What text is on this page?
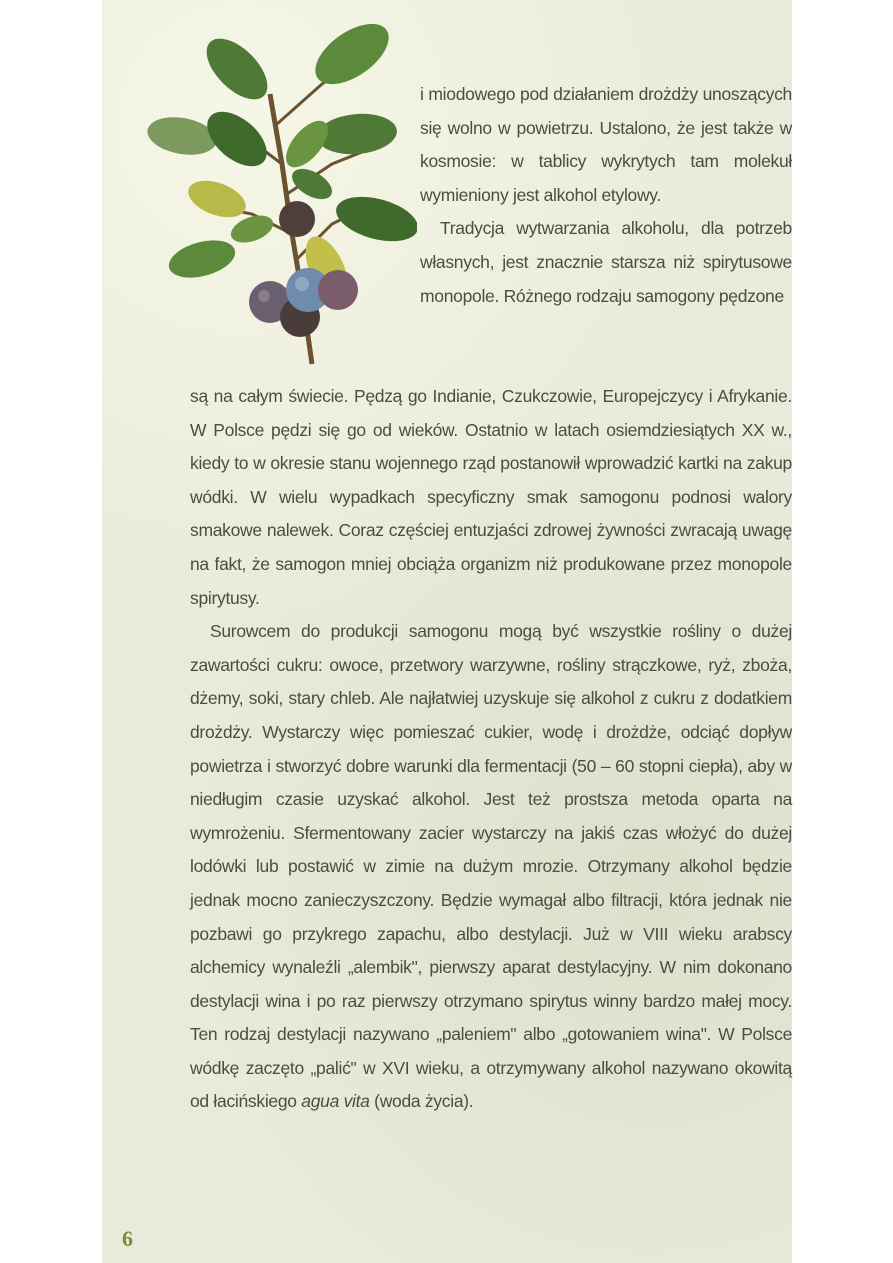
i miodowego pod działaniem drożdży unoszących się wolno w powietrzu. Ustalono, że jest także w kosmosie: w tablicy wykrytych tam molekuł wymieniony jest alkohol etylowy.

Tradycja wytwarzania alkoholu, dla potrzeb własnych, jest znacznie starsza niż spirytusowe monopole. Różnego rodzaju samogony pędzone

są na całym świecie. Pędzą go Indianie, Czukczowie, Europejczycy i Afrykanie. W Polsce pędzi się go od wieków. Ostatnio w latach osiemdziesiątych XX w., kiedy to w okresie stanu wojennego rząd postanowił wprowadzić kartki na zakup wódki. W wielu wypadkach specyficzny smak samogonu podnosi walory smakowe nalewek. Coraz częściej entuzjaści zdrowej żywności zwracają uwagę na fakt, że samogon mniej obciąża organizm niż produkowane przez monopole spirytusy.

Surowcem do produkcji samogonu mogą być wszystkie rośliny o dużej zawartości cukru: owoce, przetwory warzywne, rośliny strączkowe, ryż, zboża, dżemy, soki, stary chleb. Ale najłatwiej uzyskuje się alkohol z cukru z dodatkiem drożdży. Wystarczy więc pomieszać cukier, wodę i drożdże, odciąć dopływ powietrza i stworzyć dobre warunki dla fermentacji (50 – 60 stopni ciepła), aby w niedługim czasie uzyskać alkohol. Jest też prostsza metoda oparta na wymrożeniu. Sfermentowany zacier wystarczy na jakiś czas włożyć do dużej lodówki lub postawić w zimie na dużym mrozie. Otrzymany alkohol będzie jednak mocno zanieczyszczony. Będzie wymagał albo filtracji, która jednak nie pozbawi go przykrego zapachu, albo destylacji. Już w VIII wieku arabscy alchemicy wynaleźli „alembik", pierwszy aparat destylacyjny. W nim dokonano destylacji wina i po raz pierwszy otrzymano spirytus winny bardzo małej mocy. Ten rodzaj destylacji nazywano „paleniem" albo „gotowaniem wina". W Polsce wódkę zaczęto „palić" w XVI wieku, a otrzymywany alkohol nazywano okowitą od łacińskiego agua vita (woda życia).

6
